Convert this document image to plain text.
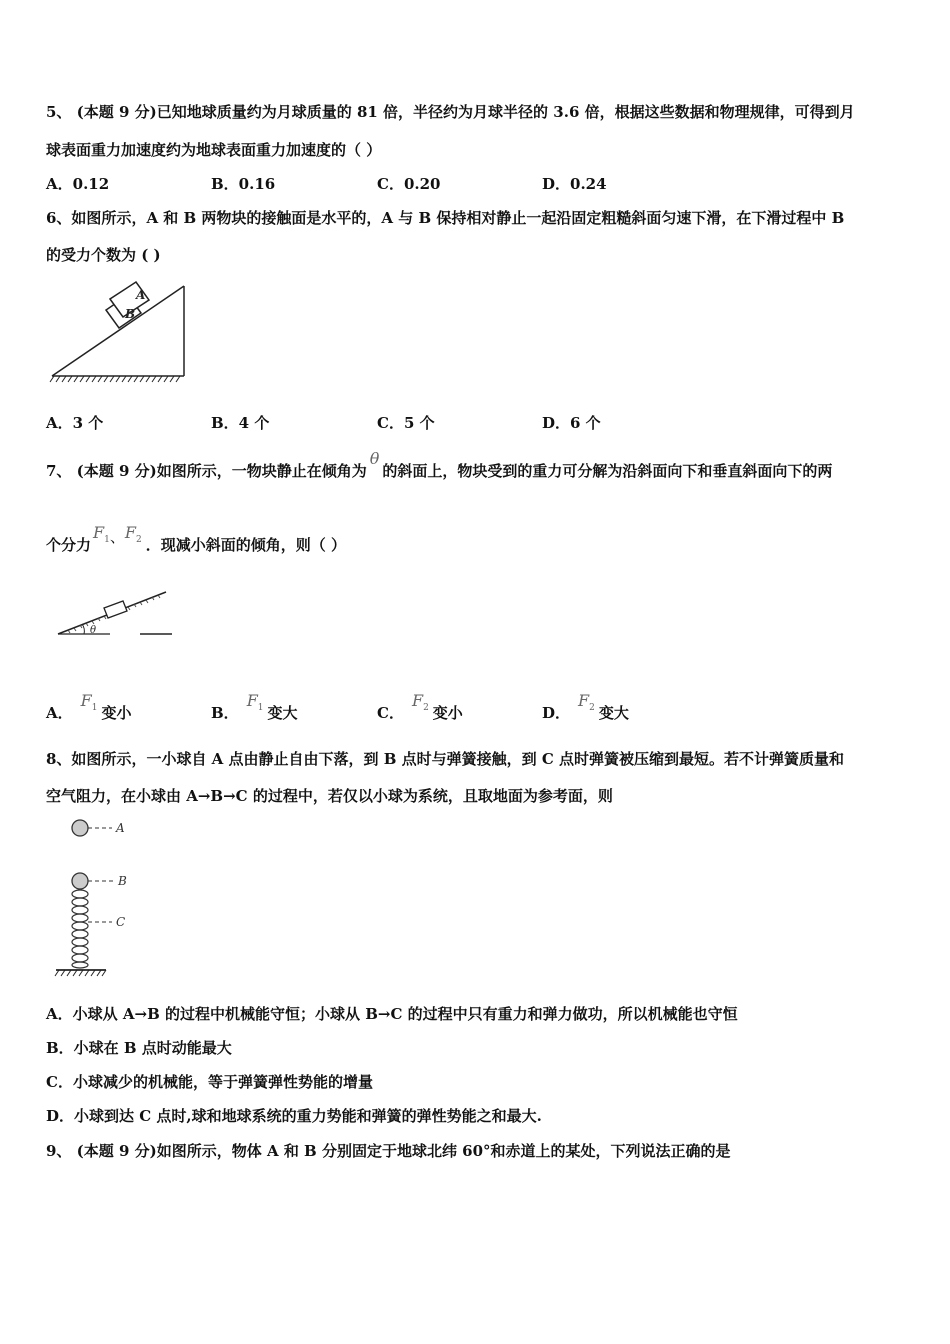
5、 (本题 9 分)已知地球质量约为月球质量的 81 倍，半径约为月球半径的 3.6 倍，根据这些数据和物理规律，可得到月
球表面重力加速度约为地球表面重力加速度的（ ）
A．0.12	B．0.16	C．0.20	D．0.24
6、如图所示，A 和 B 两物块的接触面是水平的，A 与 B 保持相对静止一起沿固定粗糙斜面匀速下滑，在下滑过程中 B
的受力个数为 ( )
A
B
A．3 个	B．4 个	C．5 个	D．6 个
7、 (本题 9 分)如图所示，一物块静止在倾角为θ的斜面上，物块受到的重力可分解为沿斜面向下和垂直斜面向下的两
个分力$F_1$、$F_2$ ．现减小斜面的倾角，则（ ）
θ
A．$F_1$ 变小	B．$F_1$ 变大	C．$F_2$ 变小	D．$F_2$ 变大
8、如图所示，一小球自 A 点由静止自由下落，到 B 点时与弹簧接触，到 C 点时弹簧被压缩到最短。若不计弹簧质量和
空气阻力，在小球由 A→B→C 的过程中，若仅以小球为系统，且取地面为参考面，则
A
B
C
A．小球从 A→B 的过程中机械能守恒；小球从 B→C 的过程中只有重力和弹力做功，所以机械能也守恒
B．小球在 B 点时动能最大
C．小球减少的机械能，等于弹簧弹性势能的增量
D．小球到达 C 点时,球和地球系统的重力势能和弹簧的弹性势能之和最大.
9、 (本题 9 分)如图所示，物体 A 和 B 分别固定于地球北纬 60°和赤道上的某处，下列说法正确的是
